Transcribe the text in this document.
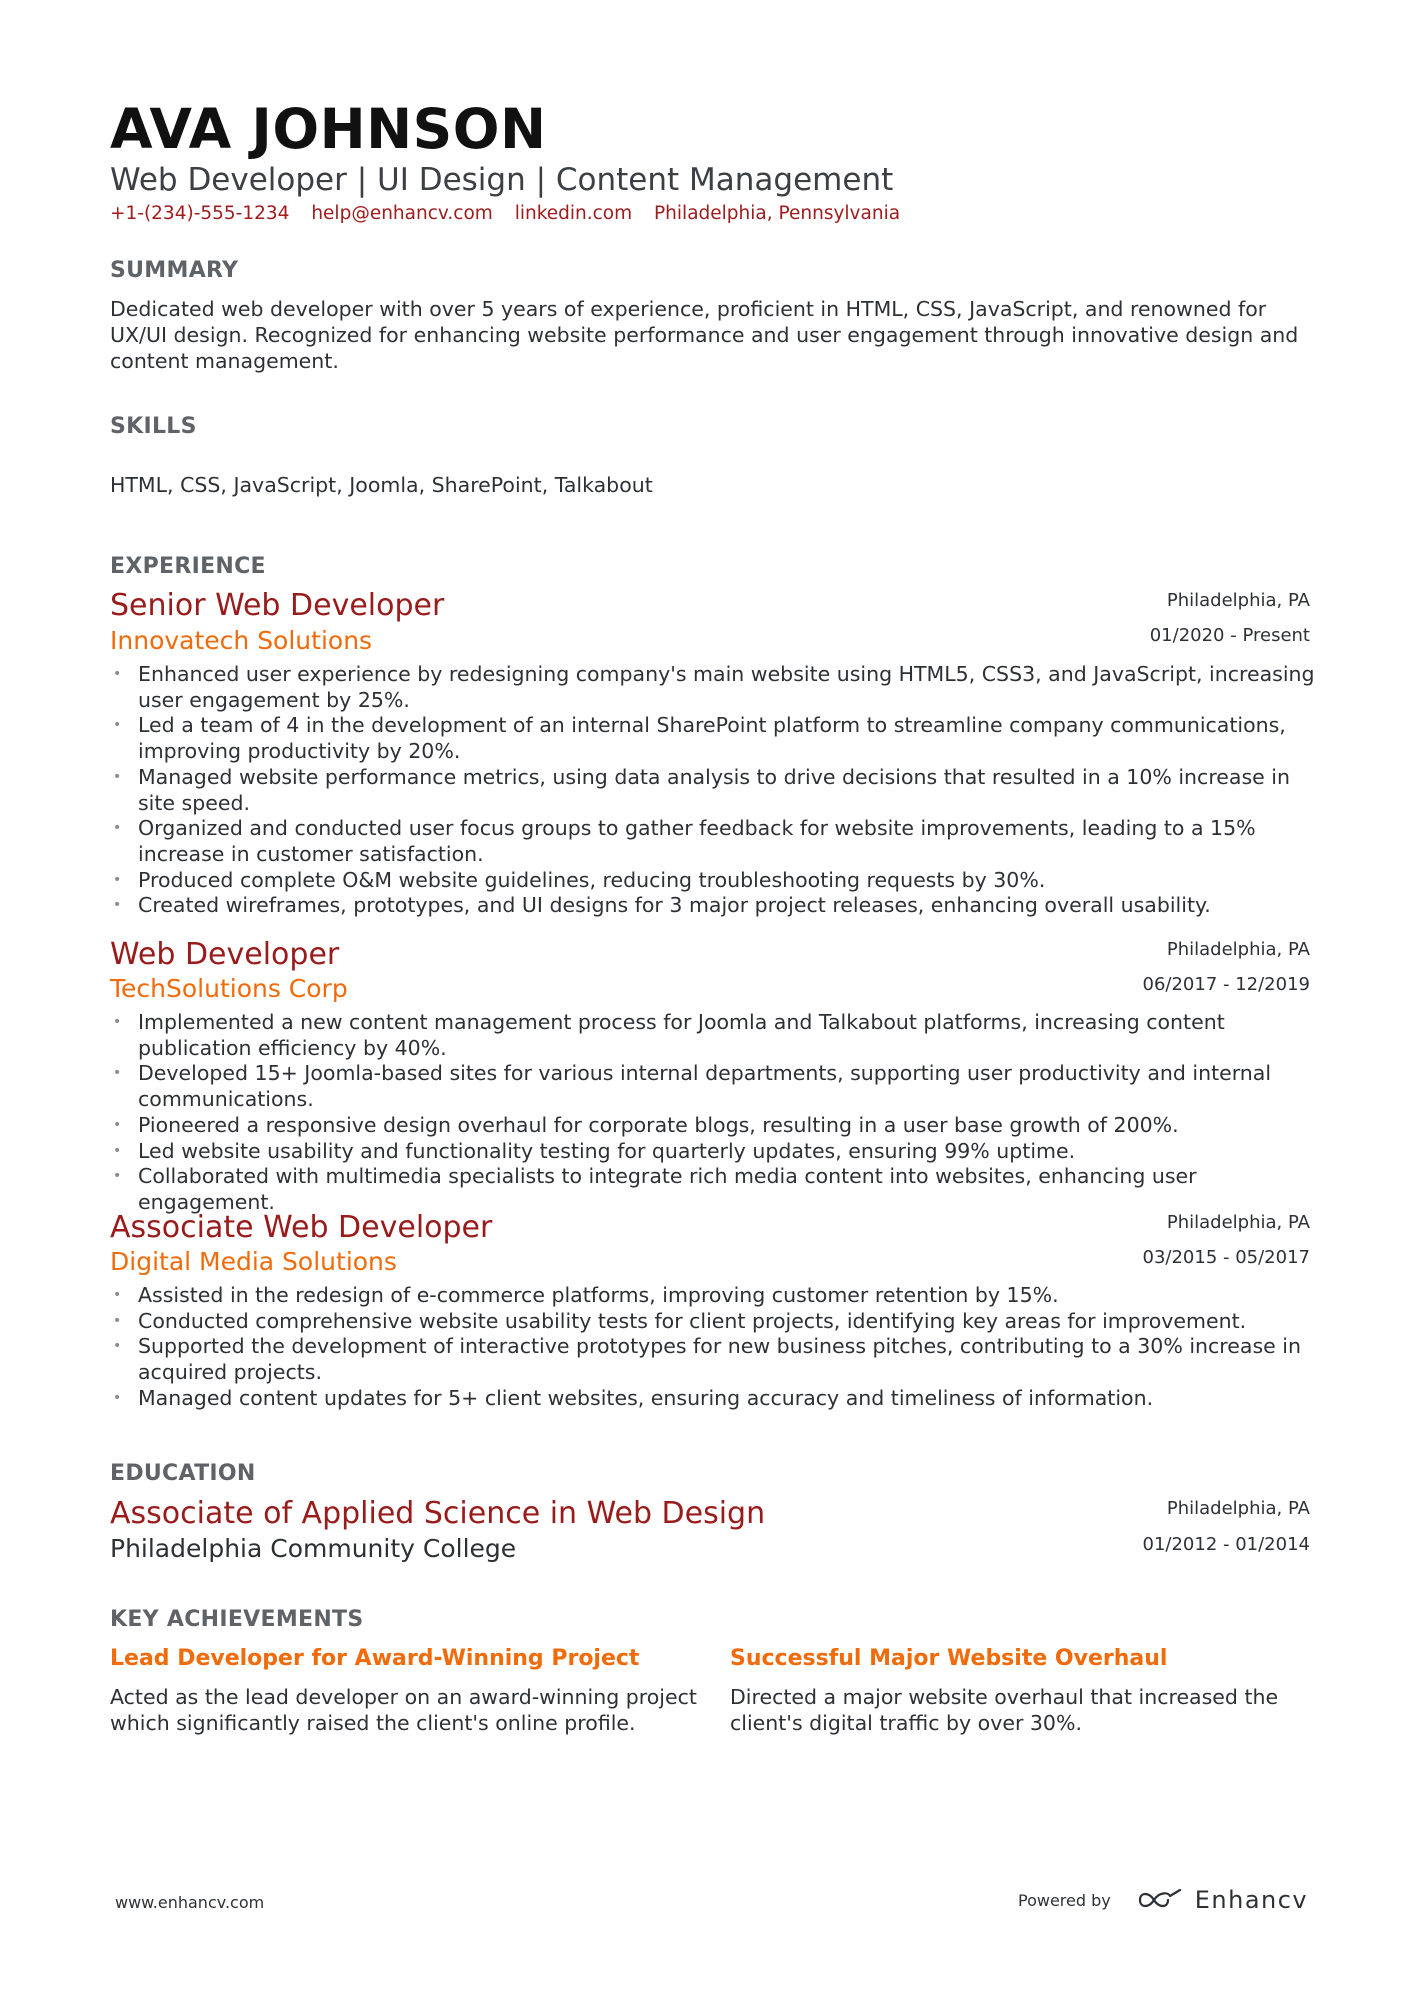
AVA JOHNSON
Web Developer | UI Design | Content Management
+1-(234)-555-1234 help@enhancv.com linkedin.com Philadelphia, Pennsylvania
SUMMARY

Dedicated web developer with over 5 years of experience, proficient in HTML, CSS, JavaScript, and renowned for UX/UI design. Recognized for enhancing website performance and user engagement through innovative design and content management.

SKILLS

HTML, CSS, JavaScript, Joomla, SharePoint, Talkabout

EXPERIENCE
Senior Web Developer	Philadelphia, PA
Innovatech Solutions	01/2020 - Present
• Enhanced user experience by redesigning company's main website using HTML5, CSS3, and JavaScript, increasing user engagement by 25%.
• Led a team of 4 in the development of an internal SharePoint platform to streamline company communications, improving productivity by 20%.
• Managed website performance metrics, using data analysis to drive decisions that resulted in a 10% increase in site speed.
• Organized and conducted user focus groups to gather feedback for website improvements, leading to a 15% increase in customer satisfaction.
• Produced complete O&M website guidelines, reducing troubleshooting requests by 30%.
• Created wireframes, prototypes, and UI designs for 3 major project releases, enhancing overall usability.
Web Developer	Philadelphia, PA
TechSolutions Corp	06/2017 - 12/2019
• Implemented a new content management process for Joomla and Talkabout platforms, increasing content publication efficiency by 40%.
• Developed 15+ Joomla-based sites for various internal departments, supporting user productivity and internal communications.
• Pioneered a responsive design overhaul for corporate blogs, resulting in a user base growth of 200%.
• Led website usability and functionality testing for quarterly updates, ensuring 99% uptime.
• Collaborated with multimedia specialists to integrate rich media content into websites, enhancing user engagement.
Associate Web Developer	Philadelphia, PA
Digital Media Solutions	03/2015 - 05/2017
• Assisted in the redesign of e-commerce platforms, improving customer retention by 15%.
• Conducted comprehensive website usability tests for client projects, identifying key areas for improvement.
• Supported the development of interactive prototypes for new business pitches, contributing to a 30% increase in acquired projects.
• Managed content updates for 5+ client websites, ensuring accuracy and timeliness of information.
EDUCATION
Associate of Applied Science in Web Design	Philadelphia, PA
Philadelphia Community College	01/2012 - 01/2014
KEY ACHIEVEMENTS
Lead Developer for Award-Winning Project

Acted as the lead developer on an award-winning project which significantly raised the client's online profile.

Successful Major Website Overhaul

Directed a major website overhaul that increased the client's digital traffic by over 30%.

www.enhancv.com	Powered by	Enhancv
